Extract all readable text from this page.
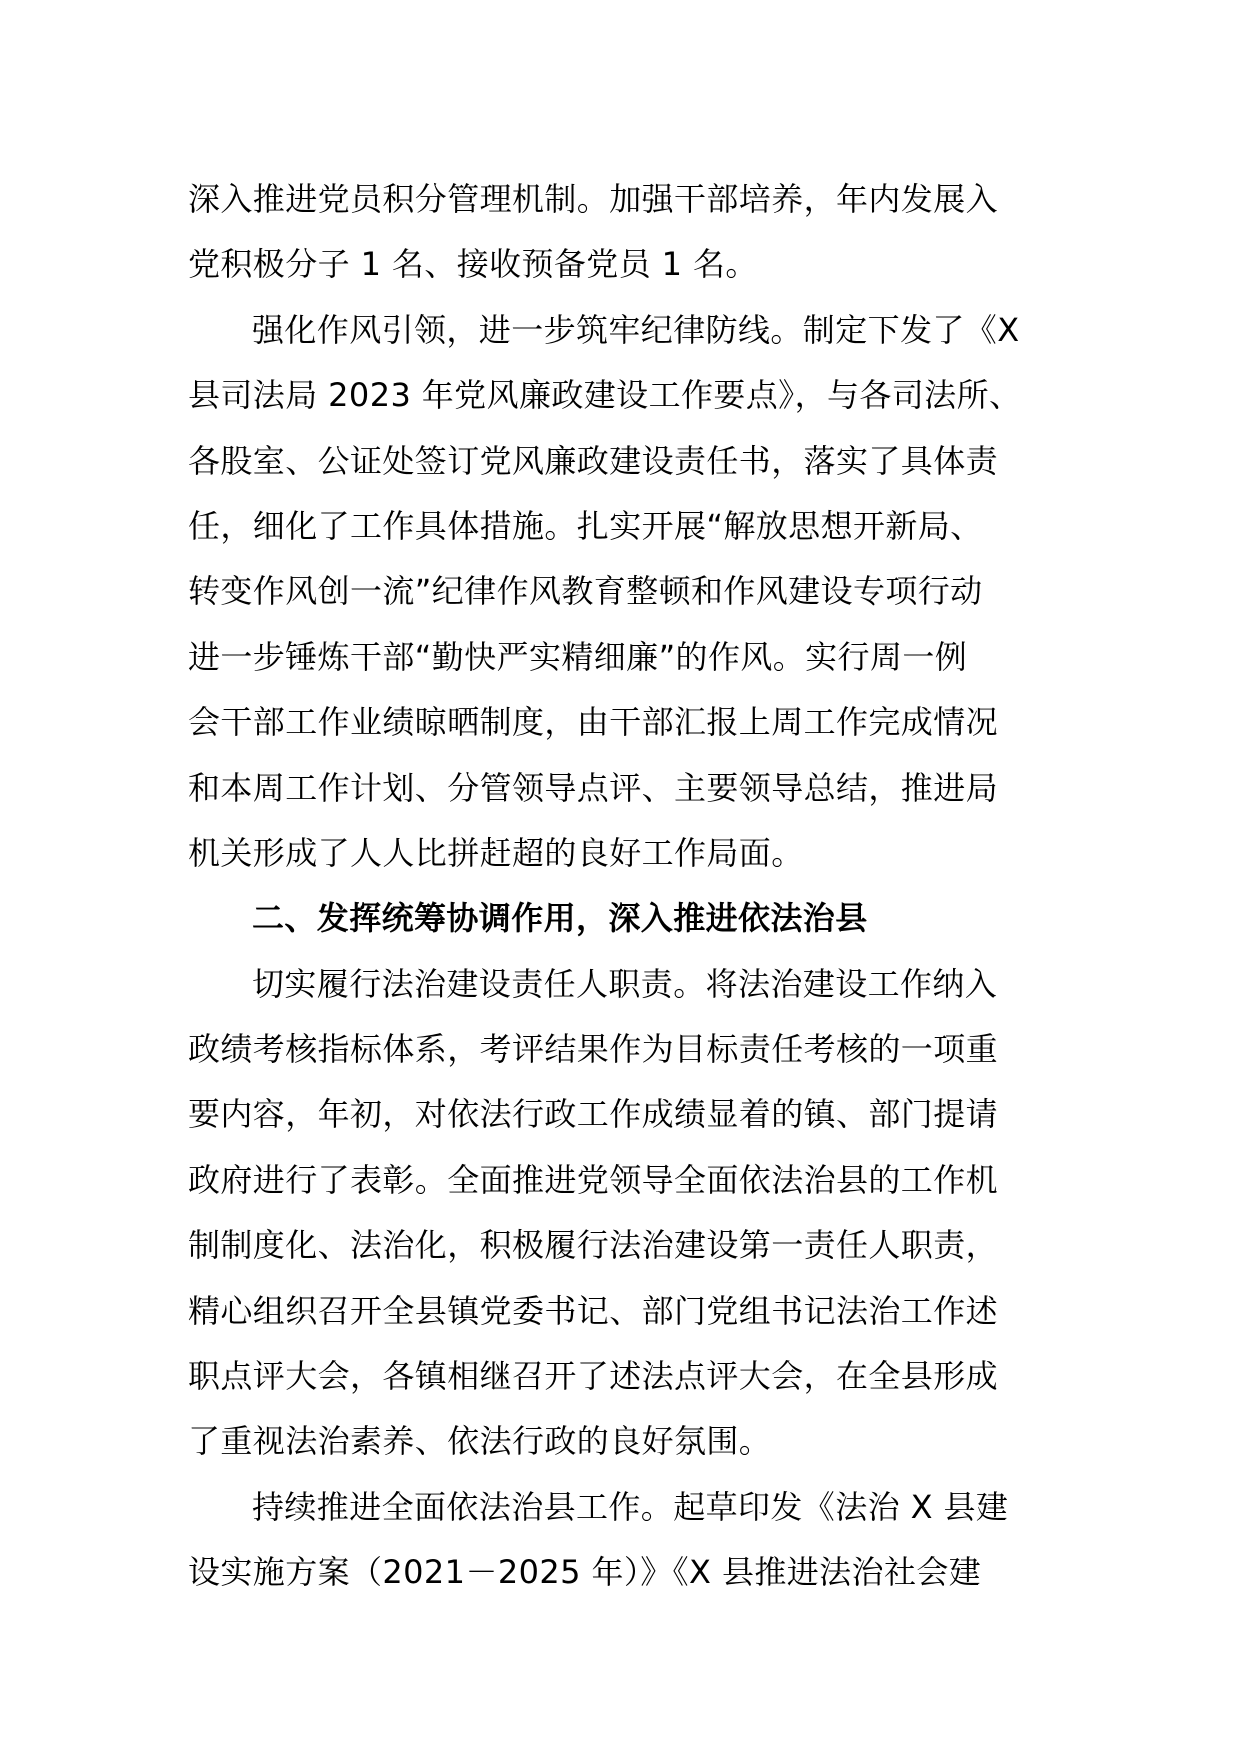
深入推进党员积分管理机制。加强干部培养，年内发展入
党积极分子 1 名、接收预备党员 1 名。
强化作风引领，进一步筑牢纪律防线。制定下发了《X
县司法局 2023 年党风廉政建设工作要点》，与各司法所、
各股室、公证处签订党风廉政建设责任书，落实了具体责
任，细化了工作具体措施。扎实开展“解放思想开新局、
转变作风创一流”纪律作风教育整顿和作风建设专项行动
进一步锤炼干部“勤快严实精细廉”的作风。实行周一例
会干部工作业绩晾晒制度，由干部汇报上周工作完成情况
和本周工作计划、分管领导点评、主要领导总结，推进局
机关形成了人人比拼赶超的良好工作局面。
二、发挥统筹协调作用，深入推进依法治县
切实履行法治建设责任人职责。将法治建设工作纳入
政绩考核指标体系，考评结果作为目标责任考核的一项重
要内容，年初，对依法行政工作成绩显着的镇、部门提请
政府进行了表彰。全面推进党领导全面依法治县的工作机
制制度化、法治化，积极履行法治建设第一责任人职责，
精心组织召开全县镇党委书记、部门党组书记法治工作述
职点评大会，各镇相继召开了述法点评大会，在全县形成
了重视法治素养、依法行政的良好氛围。
持续推进全面依法治县工作。起草印发《法治 X 县建
设实施方案（2021－2025 年）》《X 县推进法治社会建
